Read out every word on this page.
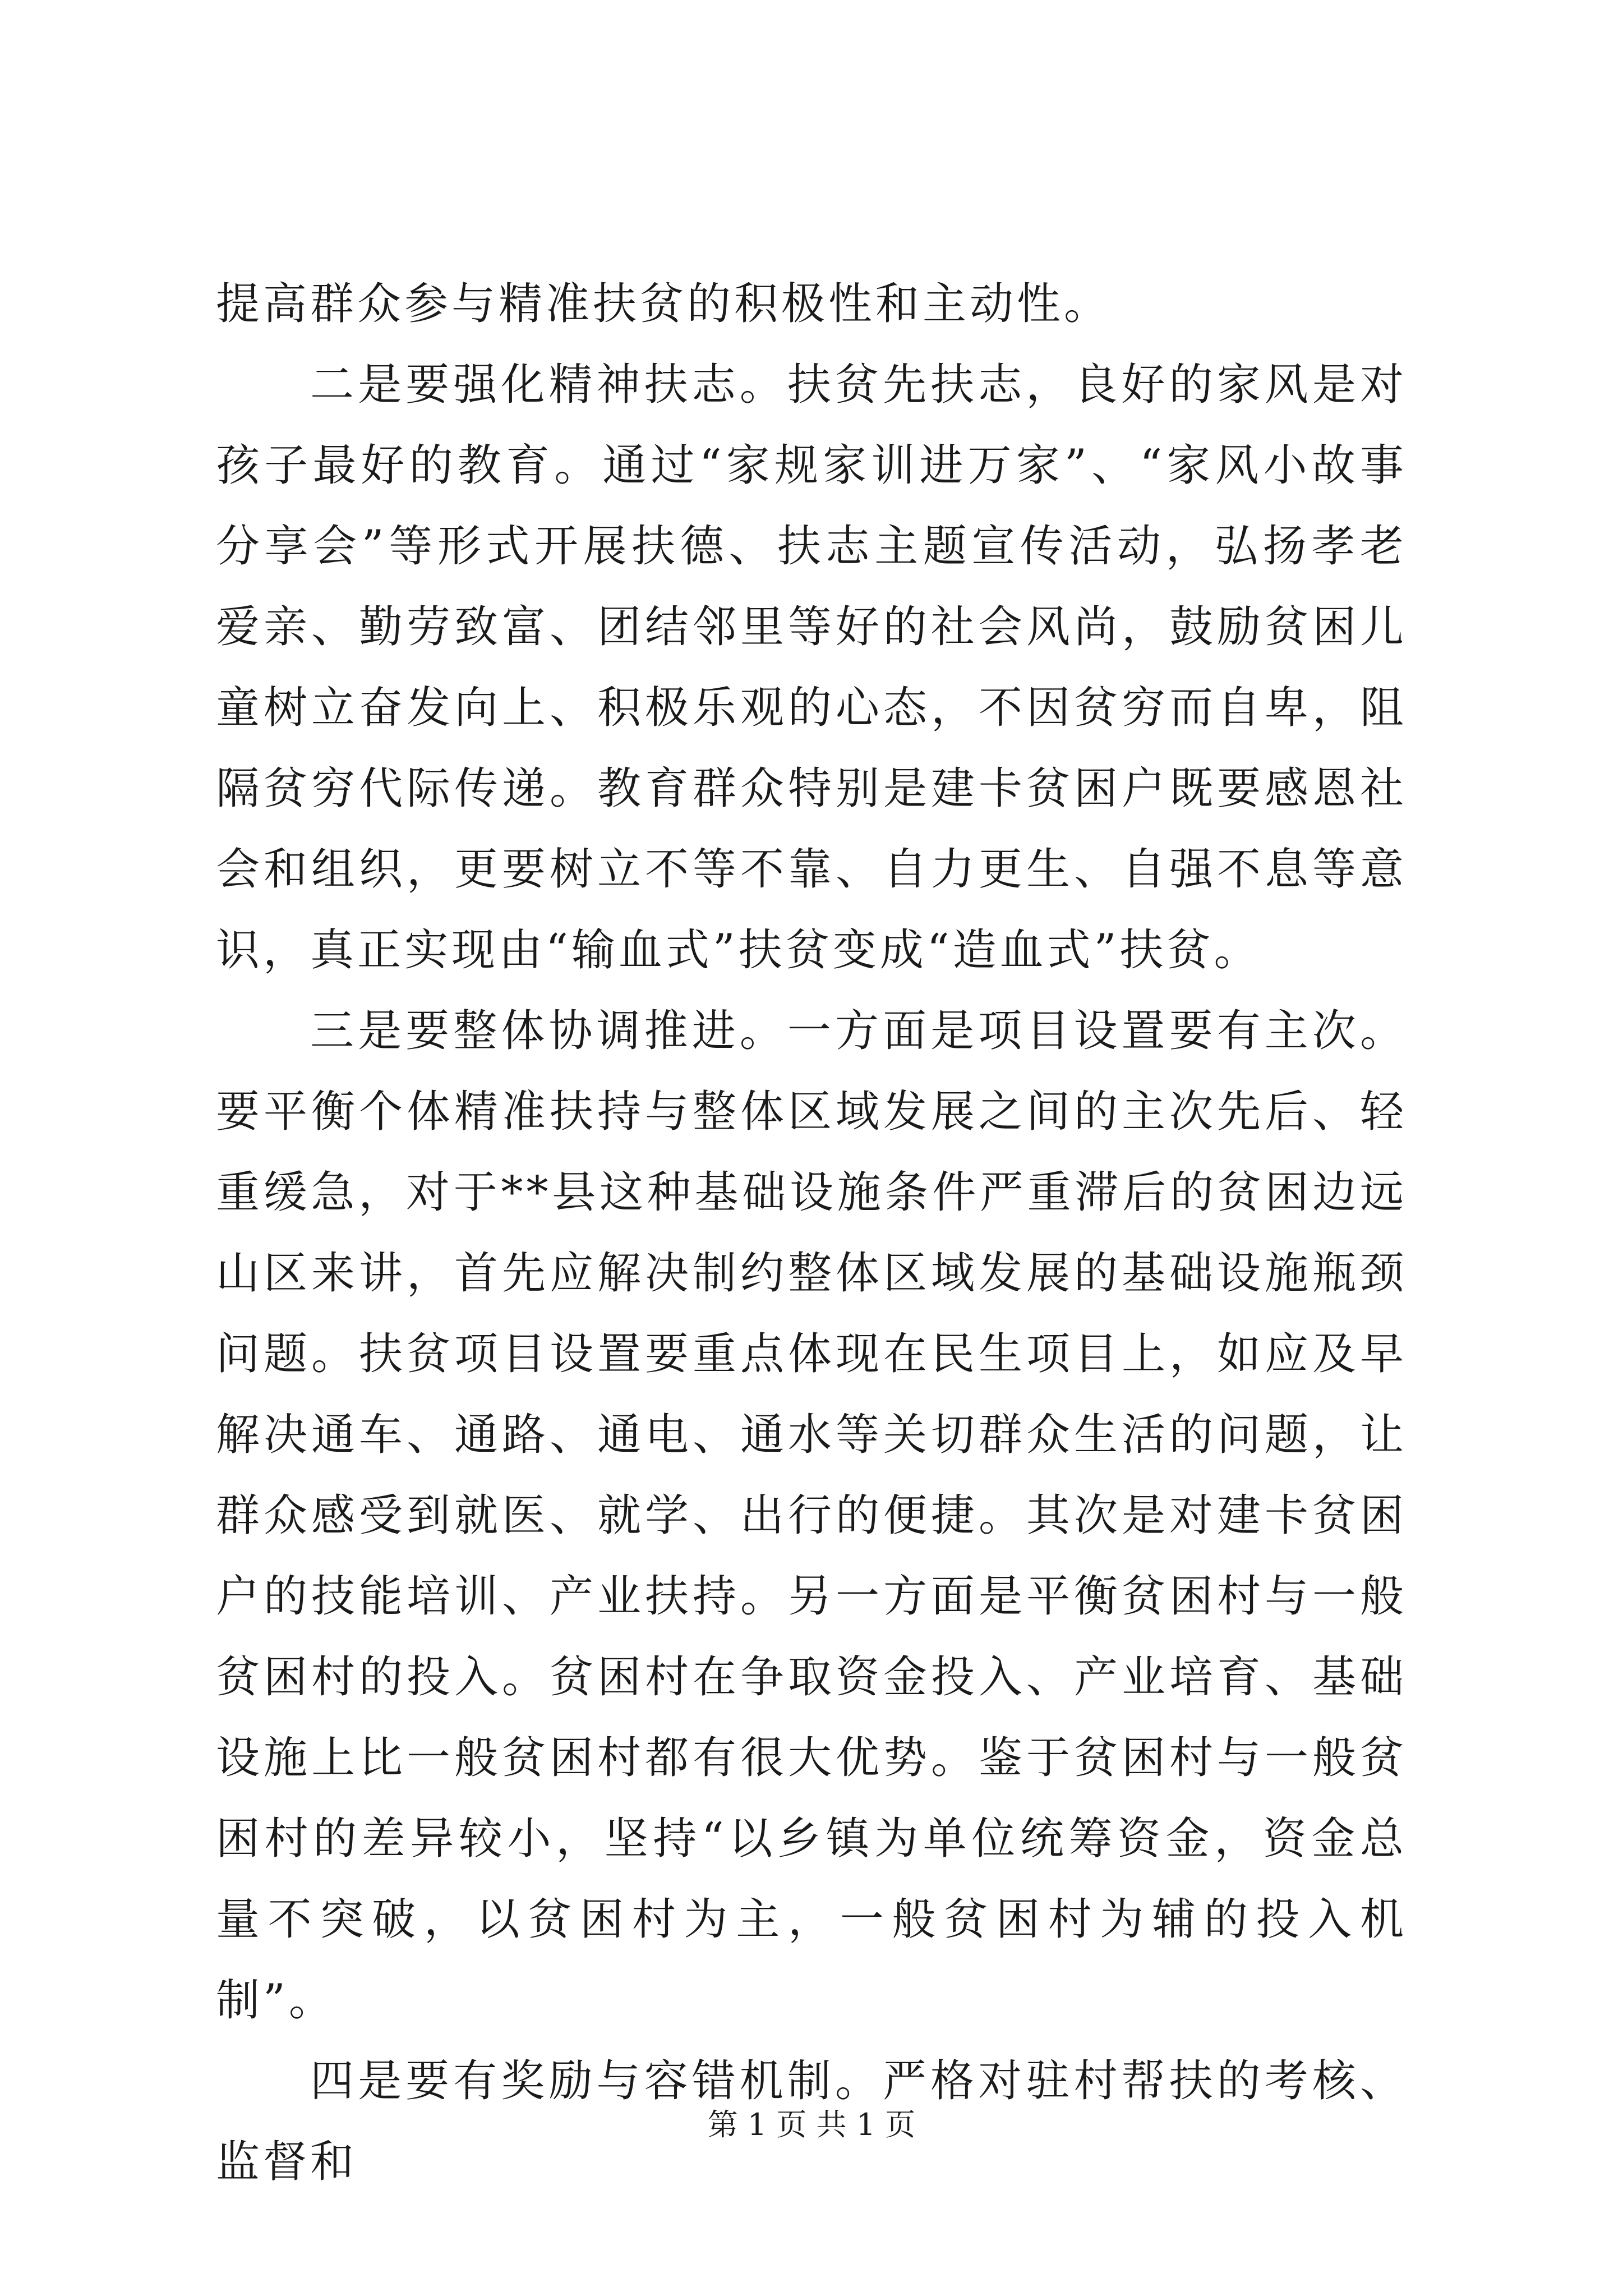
提高群众参与精准扶贫的积极性和主动性。

二是要强化精神扶志。扶贫先扶志，良好的家风是对孩子最好的教育。通过“家规家训进万家”、“家风小故事分享会”等形式开展扶德、扶志主题宣传活动，弘扬孝老爱亲、勤劳致富、团结邻里等好的社会风尚，鼓励贫困儿童树立奋发向上、积极乐观的心态，不因贫穷而自卑，阻隔贫穷代际传递。教育群众特别是建卡贫困户既要感恩社会和组织，更要树立不等不靠、自力更生、自强不息等意识，真正实现由“输血式”扶贫变成“造血式”扶贫。

三是要整体协调推进。一方面是项目设置要有主次。要平衡个体精准扶持与整体区域发展之间的主次先后、轻重缓急，对于**县这种基础设施条件严重滞后的贫困边远山区来讲，首先应解决制约整体区域发展的基础设施瓶颈问题。扶贫项目设置要重点体现在民生项目上，如应及早解决通车、通路、通电、通水等关切群众生活的问题，让群众感受到就医、就学、出行的便捷。其次是对建卡贫困户的技能培训、产业扶持。另一方面是平衡贫困村与一般贫困村的投入。贫困村在争取资金投入、产业培育、基础设施上比一般贫困村都有很大优势。鉴于贫困村与一般贫困村的差异较小，坚持“以乡镇为单位统筹资金，资金总量不突破，以贫困村为主，一般贫困村为辅的投入机制”。

四是要有奖励与容错机制。严格对驻村帮扶的考核、监督和

第 1 页 共 1 页
